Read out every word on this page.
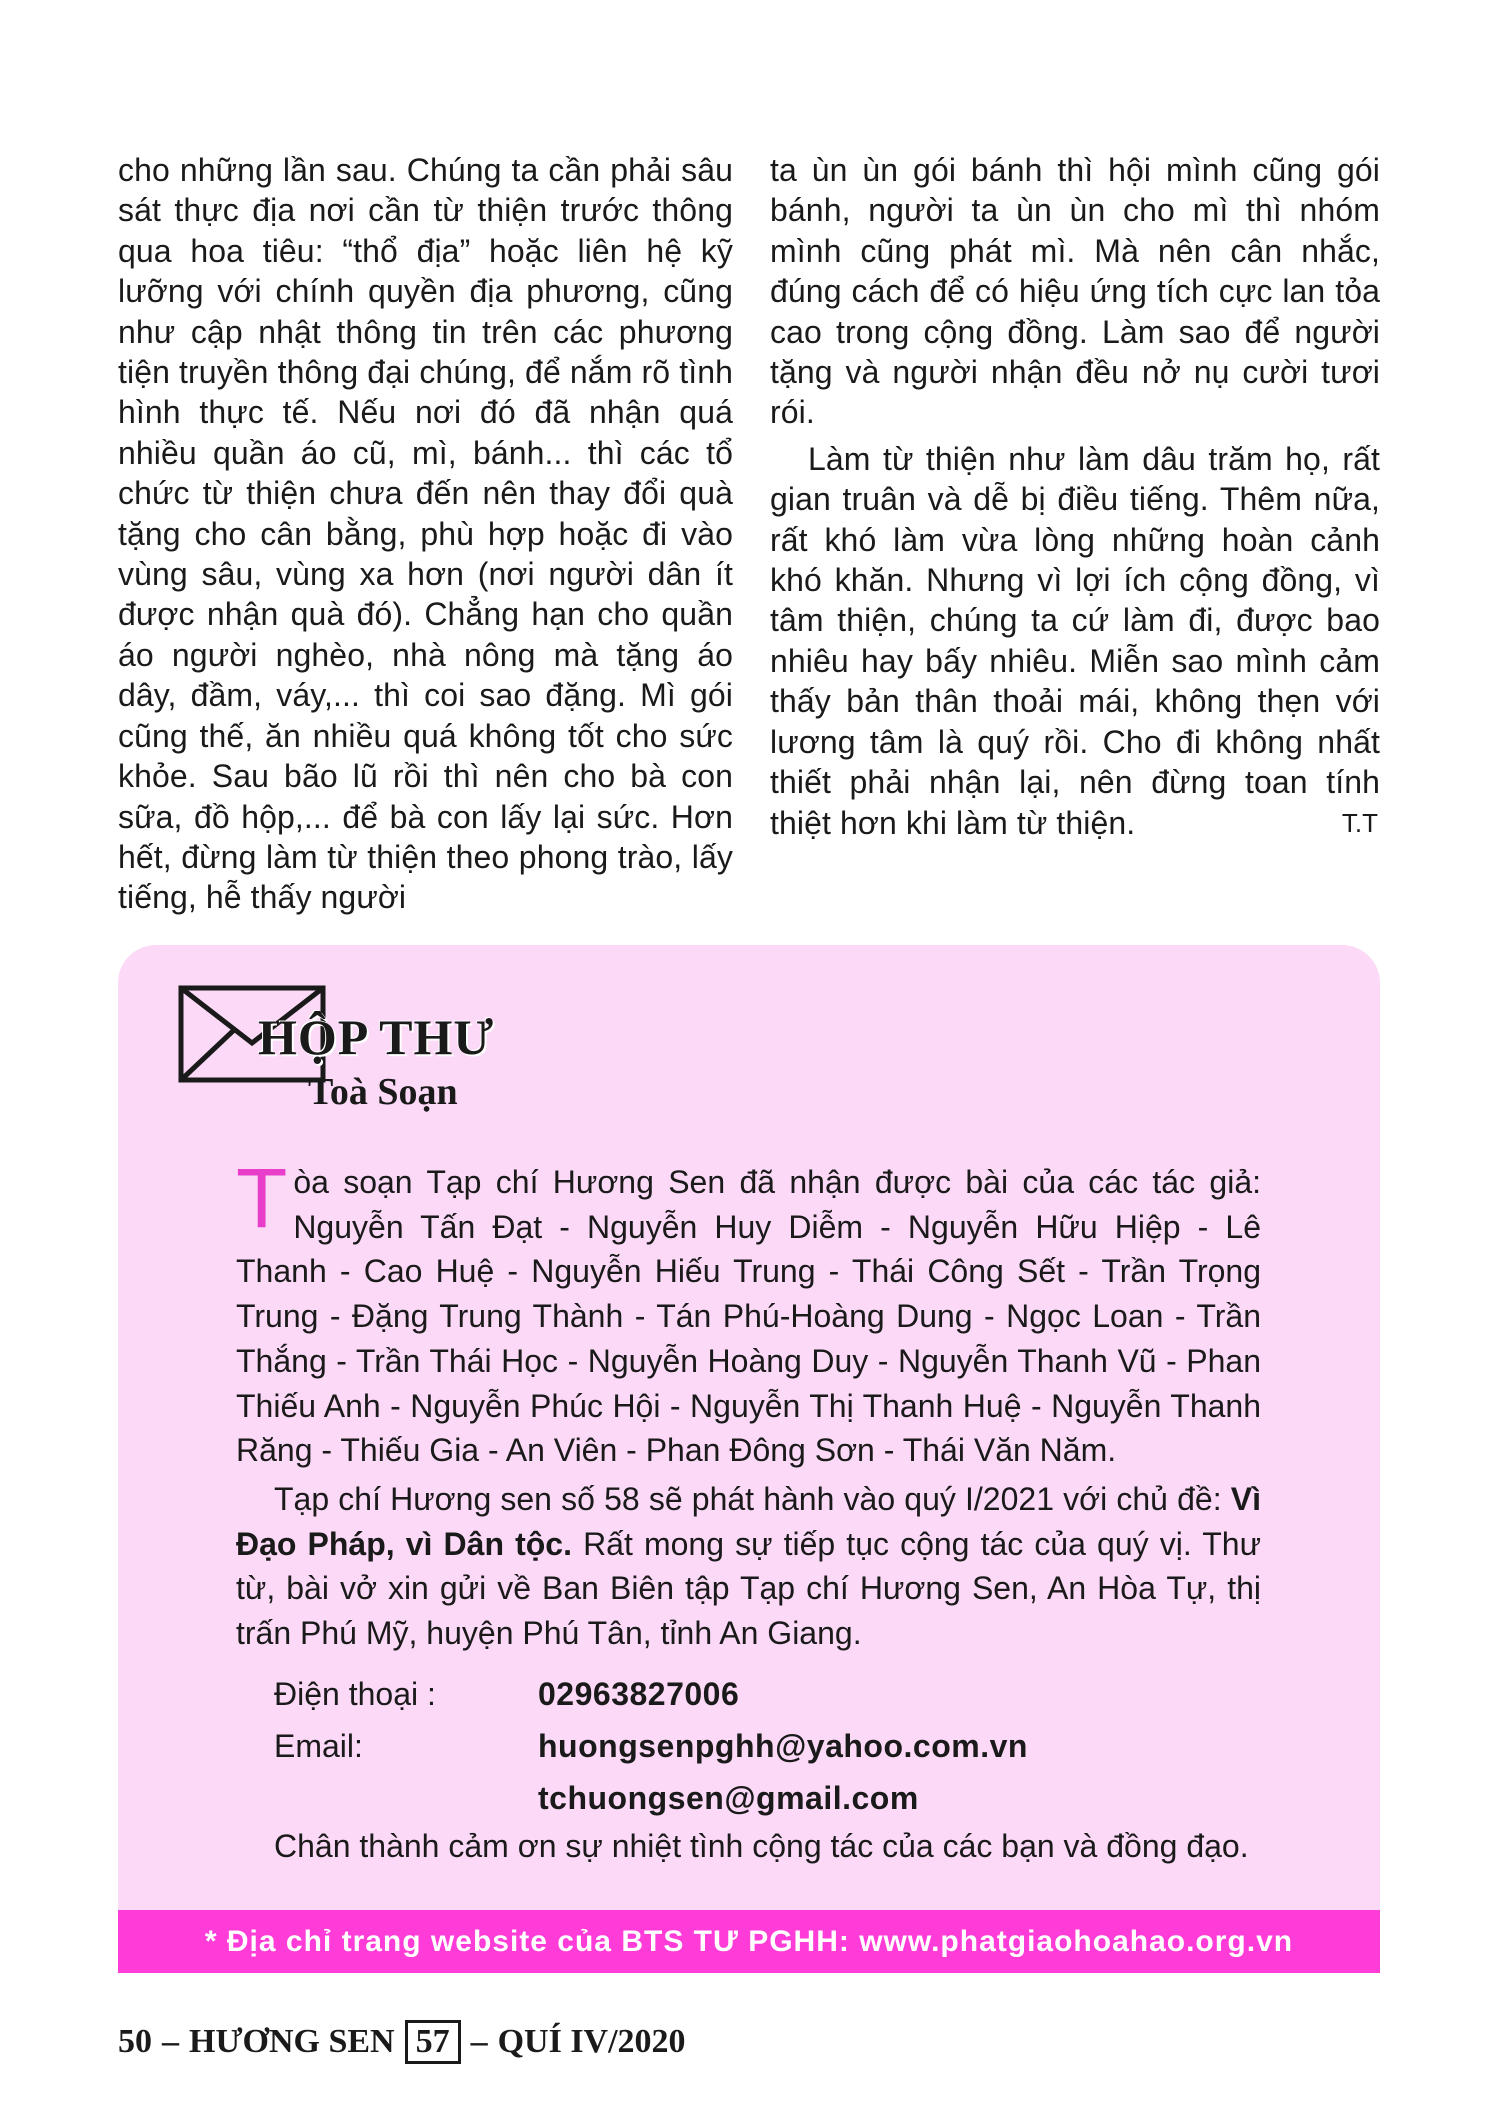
cho những lần sau. Chúng ta cần phải sâu sát thực địa nơi cần từ thiện trước thông qua hoa tiêu: “thổ địa” hoặc liên hệ kỹ lưỡng với chính quyền địa phương, cũng như cập nhật thông tin trên các phương tiện truyền thông đại chúng, để nắm rõ tình hình thực tế. Nếu nơi đó đã nhận quá nhiều quần áo cũ, mì, bánh... thì các tổ chức từ thiện chưa đến nên thay đổi quà tặng cho cân bằng, phù hợp hoặc đi vào vùng sâu, vùng xa hơn (nơi người dân ít được nhận quà đó). Chẳng hạn cho quần áo người nghèo, nhà nông mà tặng áo dây, đầm, váy,... thì coi sao đặng. Mì gói cũng thế, ăn nhiều quá không tốt cho sức khỏe. Sau bão lũ rồi thì nên cho bà con sữa, đồ hộp,... để bà con lấy lại sức. Hơn hết, đừng làm từ thiện theo phong trào, lấy tiếng, hễ thấy người

ta ùn ùn gói bánh thì hội mình cũng gói bánh, người ta ùn ùn cho mì thì nhóm mình cũng phát mì. Mà nên cân nhắc, đúng cách để có hiệu ứng tích cực lan tỏa cao trong cộng đồng. Làm sao để người tặng và người nhận đều nở nụ cười tươi rói.

Làm từ thiện như làm dâu trăm họ, rất gian truân và dễ bị điều tiếng. Thêm nữa, rất khó làm vừa lòng những hoàn cảnh khó khăn. Nhưng vì lợi ích cộng đồng, vì tâm thiện, chúng ta cứ làm đi, được bao nhiêu hay bấy nhiêu. Miễn sao mình cảm thấy bản thân thoải mái, không thẹn với lương tâm là quý rồi. Cho đi không nhất thiết phải nhận lại, nên đừng toan tính thiệt hơn khi làm từ thiện.	T.T
HỘP THƯ
Toà Soạn

Tòa soạn Tạp chí Hương Sen đã nhận được bài của các tác giả: Nguyễn Tấn Đạt - Nguyễn Huy Diễm - Nguyễn Hữu Hiệp - Lê Thanh - Cao Huệ - Nguyễn Hiếu Trung - Thái Công Sết - Trần Trọng Trung - Đặng Trung Thành - Tán Phú-Hoàng Dung - Ngọc Loan - Trần Thắng - Trần Thái Học - Nguyễn Hoàng Duy - Nguyễn Thanh Vũ - Phan Thiếu Anh - Nguyễn Phúc Hội - Nguyễn Thị Thanh Huệ - Nguyễn Thanh Răng - Thiếu Gia - An Viên - Phan Đông Sơn - Thái Văn Năm.

Tạp chí Hương sen số 58 sẽ phát hành vào quý I/2021 với chủ đề: Vì Đạo Pháp, vì Dân tộc. Rất mong sự tiếp tục cộng tác của quý vị. Thư từ, bài vở xin gửi về Ban Biên tập Tạp chí Hương Sen, An Hòa Tự, thị trấn Phú Mỹ, huyện Phú Tân, tỉnh An Giang.

Điện thoại :	02963827006
Email:	huongsenpghh@yahoo.com.vn
tchuongsen@gmail.com
Chân thành cảm ơn sự nhiệt tình cộng tác của các bạn và đồng đạo.
* Địa chỉ trang website của BTS TƯ PGHH: www.phatgiaohoahao.org.vn
50 – HƯƠNG SEN 57 – QUÍ IV/2020
